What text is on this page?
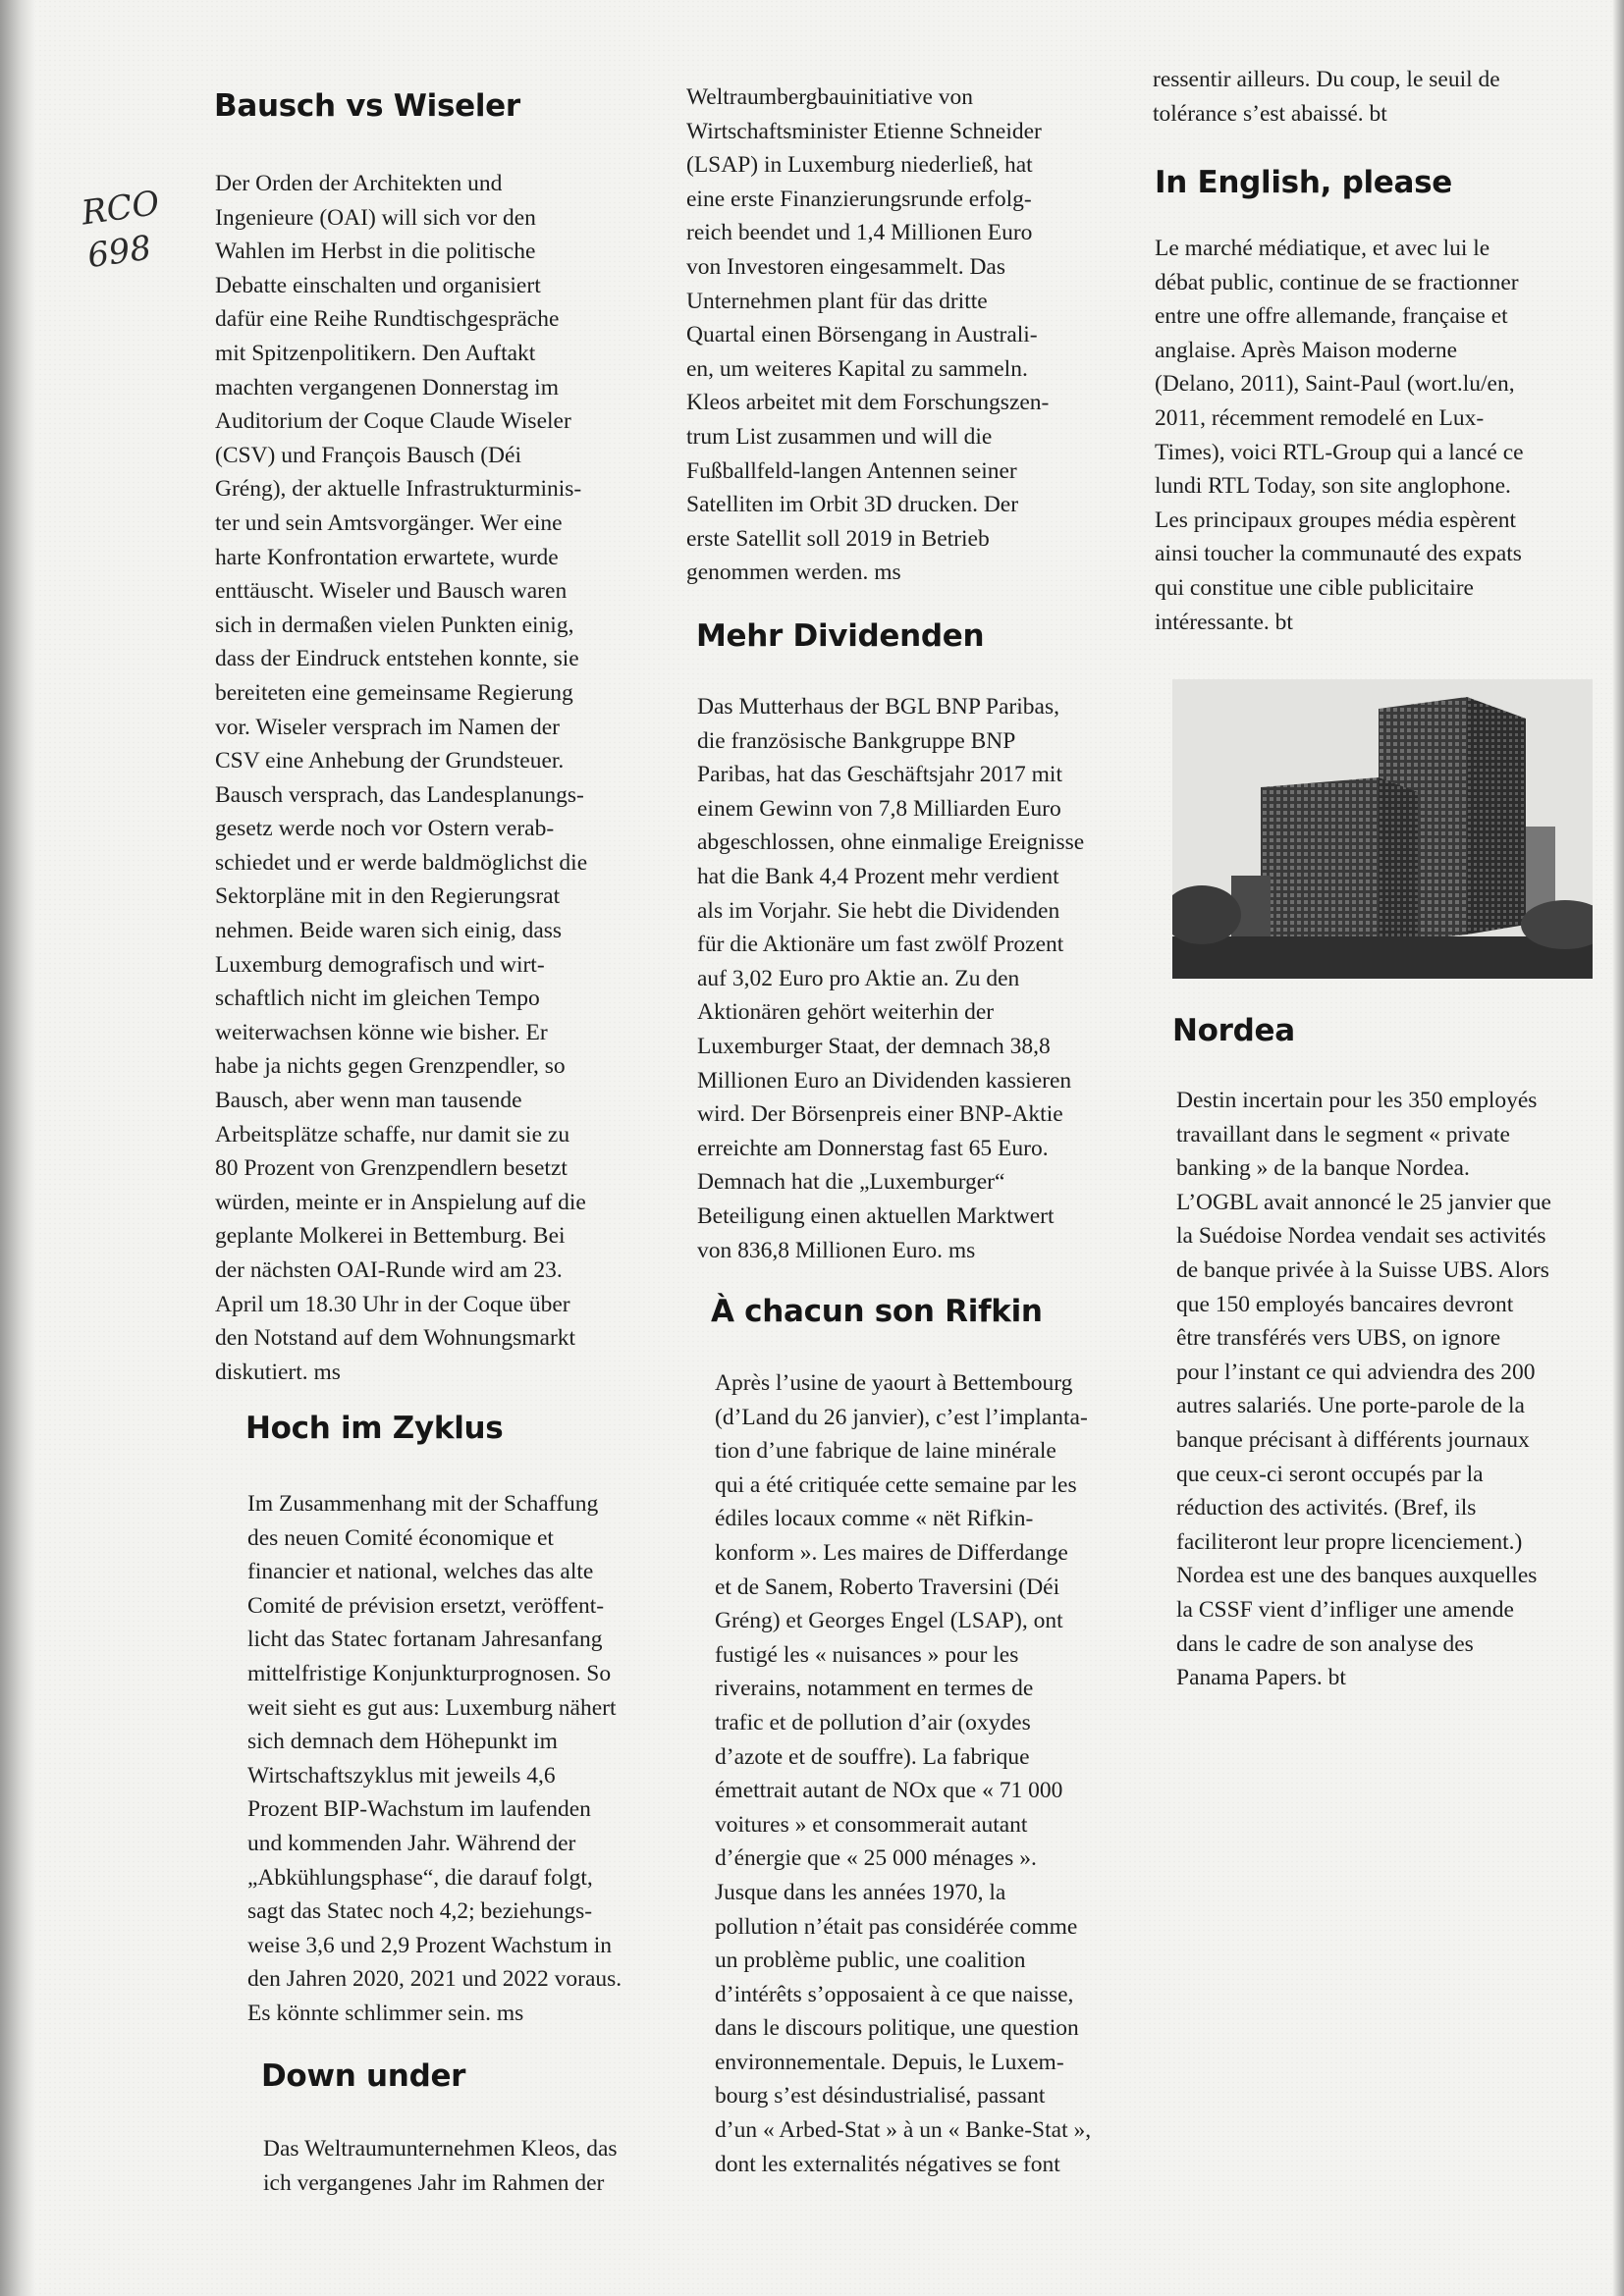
RCO
698
Bausch vs Wiseler
Der Orden der Architekten und
Ingenieure (OAI) will sich vor den
Wahlen im Herbst in die politische
Debatte einschalten und organisiert
dafür eine Reihe Rundtischgespräche
mit Spitzenpolitikern. Den Auftakt
machten vergangenen Donnerstag im
Auditorium der Coque Claude Wiseler
(CSV) und François Bausch (Déi
Gréng), der aktuelle Infrastrukturminis-
ter und sein Amtsvorgänger. Wer eine
harte Konfrontation erwartete, wurde
enttäuscht. Wiseler und Bausch waren
sich in dermaßen vielen Punkten einig,
dass der Eindruck entstehen konnte, sie
bereiteten eine gemeinsame Regierung
vor. Wiseler versprach im Namen der
CSV eine Anhebung der Grundsteuer.
Bausch versprach, das Landesplanungs-
gesetz werde noch vor Ostern verab-
schiedet und er werde baldmöglichst die
Sektorpläne mit in den Regierungsrat
nehmen. Beide waren sich einig, dass
Luxemburg demografisch und wirt-
schaftlich nicht im gleichen Tempo
weiterwachsen könne wie bisher. Er
habe ja nichts gegen Grenzpendler, so
Bausch, aber wenn man tausende
Arbeitsplätze schaffe, nur damit sie zu
80 Prozent von Grenzpendlern besetzt
würden, meinte er in Anspielung auf die
geplante Molkerei in Bettemburg. Bei
der nächsten OAI-Runde wird am 23.
April um 18.30 Uhr in der Coque über
den Notstand auf dem Wohnungsmarkt
diskutiert. ms
Hoch im Zyklus
Im Zusammenhang mit der Schaffung
des neuen Comité économique et
financier et national, welches das alte
Comité de prévision ersetzt, veröffent-
licht das Statec fortanam Jahresanfang
mittelfristige Konjunkturprognosen. So
weit sieht es gut aus: Luxemburg nähert
sich demnach dem Höhepunkt im
Wirtschaftszyklus mit jeweils 4,6
Prozent BIP-Wachstum im laufenden
und kommenden Jahr. Während der
„Abkühlungsphase“, die darauf folgt,
sagt das Statec noch 4,2; beziehungs-
weise 3,6 und 2,9 Prozent Wachstum in
den Jahren 2020, 2021 und 2022 voraus.
Es könnte schlimmer sein. ms
Down under
Das Weltraumunternehmen Kleos, das
ich vergangenes Jahr im Rahmen der
Weltraumbergbauinitiative von
Wirtschaftsminister Etienne Schneider
(LSAP) in Luxemburg niederließ, hat
eine erste Finanzierungsrunde erfolg-
reich beendet und 1,4 Millionen Euro
von Investoren eingesammelt. Das
Unternehmen plant für das dritte
Quartal einen Börsengang in Australi-
en, um weiteres Kapital zu sammeln.
Kleos arbeitet mit dem Forschungszen-
trum List zusammen und will die
Fußballfeld-langen Antennen seiner
Satelliten im Orbit 3D drucken. Der
erste Satellit soll 2019 in Betrieb
genommen werden. ms
Mehr Dividenden
Das Mutterhaus der BGL BNP Paribas,
die französische Bankgruppe BNP
Paribas, hat das Geschäftsjahr 2017 mit
einem Gewinn von 7,8 Milliarden Euro
abgeschlossen, ohne einmalige Ereignisse
hat die Bank 4,4 Prozent mehr verdient
als im Vorjahr. Sie hebt die Dividenden
für die Aktionäre um fast zwölf Prozent
auf 3,02 Euro pro Aktie an. Zu den
Aktionären gehört weiterhin der
Luxemburger Staat, der demnach 38,8
Millionen Euro an Dividenden kassieren
wird. Der Börsenpreis einer BNP-Aktie
erreichte am Donnerstag fast 65 Euro.
Demnach hat die „Luxemburger“
Beteiligung einen aktuellen Marktwert
von 836,8 Millionen Euro. ms
À chacun son Rifkin
Après l’usine de yaourt à Bettembourg
(d’Land du 26 janvier), c’est l’implanta-
tion d’une fabrique de laine minérale
qui a été critiquée cette semaine par les
édiles locaux comme « nët Rifkin-
konform ». Les maires de Differdange
et de Sanem, Roberto Traversini (Déi
Gréng) et Georges Engel (LSAP), ont
fustigé les « nuisances » pour les
riverains, notamment en termes de
trafic et de pollution d’air (oxydes
d’azote et de souffre). La fabrique
émettrait autant de NOx que « 71 000
voitures » et consommerait autant
d’énergie que « 25 000 ménages ».
Jusque dans les années 1970, la
pollution n’était pas considérée comme
un problème public, une coalition
d’intérêts s’opposaient à ce que naisse,
dans le discours politique, une question
environnementale. Depuis, le Luxem-
bourg s’est désindustrialisé, passant
d’un « Arbed-Stat » à un « Banke-Stat »,
dont les externalités négatives se font
ressentir ailleurs. Du coup, le seuil de
tolérance s’est abaissé. bt
In English, please
Le marché médiatique, et avec lui le
débat public, continue de se fractionner
entre une offre allemande, française et
anglaise. Après Maison moderne
(Delano, 2011), Saint-Paul (wort.lu/en,
2011, récemment remodelé en Lux-
Times), voici RTL-Group qui a lancé ce
lundi RTL Today, son site anglophone.
Les principaux groupes média espèrent
ainsi toucher la communauté des expats
qui constitue une cible publicitaire
intéressante. bt
Nordea
Destin incertain pour les 350 employés
travaillant dans le segment « private
banking » de la banque Nordea.
L’OGBL avait annoncé le 25 janvier que
la Suédoise Nordea vendait ses activités
de banque privée à la Suisse UBS. Alors
que 150 employés bancaires devront
être transférés vers UBS, on ignore
pour l’instant ce qui adviendra des 200
autres salariés. Une porte-parole de la
banque précisant à différents journaux
que ceux-ci seront occupés par la
réduction des activités. (Bref, ils
faciliteront leur propre licenciement.)
Nordea est une des banques auxquelles
la CSSF vient d’infliger une amende
dans le cadre de son analyse des
Panama Papers. bt
